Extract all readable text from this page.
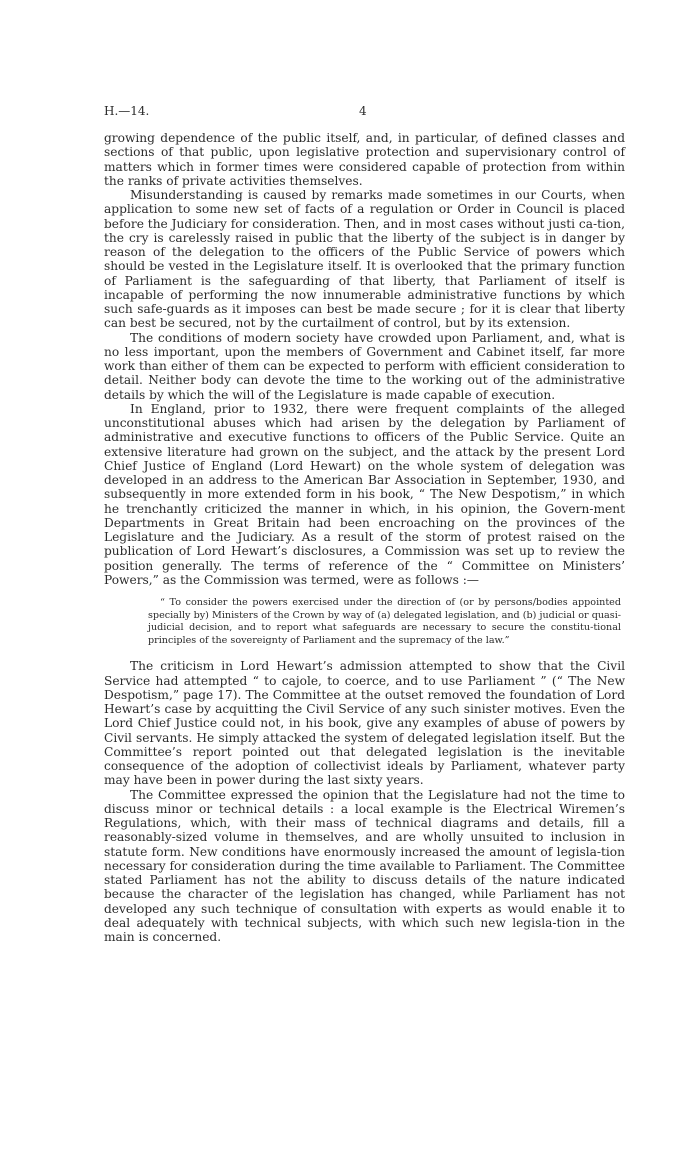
H.—14.	4

growing dependence of the public itself, and, in particular, of defined classes and sections of that public, upon legislative protection and supervisionary control of matters which in former times were considered capable of protection from within the ranks of private activities themselves.

Misunderstanding is caused by remarks made sometimes in our Courts, when application to some new set of facts of a regulation or Order in Council is placed before the Judiciary for consideration. Then, and in most cases without justi ca-tion, the cry is carelessly raised in public that the liberty of the subject is in danger by reason of the delegation to the officers of the Public Service of powers which should be vested in the Legislature itself. It is overlooked that the primary function of Parliament is the safeguarding of that liberty, that Parliament of itself is incapable of performing the now innumerable administrative functions by which such safe-guards as it imposes can best be made secure ; for it is clear that liberty can best be secured, not by the curtailment of control, but by its extension.

The conditions of modern society have crowded upon Parliament, and, what is no less important, upon the members of Government and Cabinet itself, far more work than either of them can be expected to perform with efficient consideration to detail. Neither body can devote the time to the working out of the administrative details by which the will of the Legislature is made capable of execution.

In England, prior to 1932, there were frequent complaints of the alleged unconstitutional abuses which had arisen by the delegation by Parliament of administrative and executive functions to officers of the Public Service. Quite an extensive literature had grown on the subject, and the attack by the present Lord Chief Justice of England (Lord Hewart) on the whole system of delegation was developed in an address to the American Bar Association in September, 1930, and subsequently in more extended form in his book, “ The New Despotism,” in which he trenchantly criticized the manner in which, in his opinion, the Govern-ment Departments in Great Britain had been encroaching on the provinces of the Legislature and the Judiciary. As a result of the storm of protest raised on the publication of Lord Hewart’s disclosures, a Commission was set up to review the position generally. The terms of reference of the “ Committee on Ministers’ Powers,” as the Commission was termed, were as follows :—

“ To consider the powers exercised under the direction of (or by persons/bodies appointed specially by) Ministers of the Crown by way of (a) delegated legislation, and (b) judicial or quasi-judicial decision, and to report what safeguards are necessary to secure the constitu-tional principles of the sovereignty of Parliament and the supremacy of the law.”

The criticism in Lord Hewart’s admission attempted to show that the Civil Service had attempted “ to cajole, to coerce, and to use Parliament ” (“ The New Despotism,” page 17). The Committee at the outset removed the foundation of Lord Hewart’s case by acquitting the Civil Service of any such sinister motives. Even the Lord Chief Justice could not, in his book, give any examples of abuse of powers by Civil servants. He simply attacked the system of delegated legislation itself. But the Committee’s report pointed out that delegated legislation is the inevitable consequence of the adoption of collectivist ideals by Parliament, whatever party may have been in power during the last sixty years.

The Committee expressed the opinion that the Legislature had not the time to discuss minor or technical details : a local example is the Electrical Wiremen’s Regulations, which, with their mass of technical diagrams and details, fill a reasonably-sized volume in themselves, and are wholly unsuited to inclusion in statute form. New conditions have enormously increased the amount of legisla-tion necessary for consideration during the time available to Parliament. The Committee stated Parliament has not the ability to discuss details of the nature indicated because the character of the legislation has changed, while Parliament has not developed any such technique of consultation with experts as would enable it to deal adequately with technical subjects, with which such new legisla-tion in the main is concerned.
